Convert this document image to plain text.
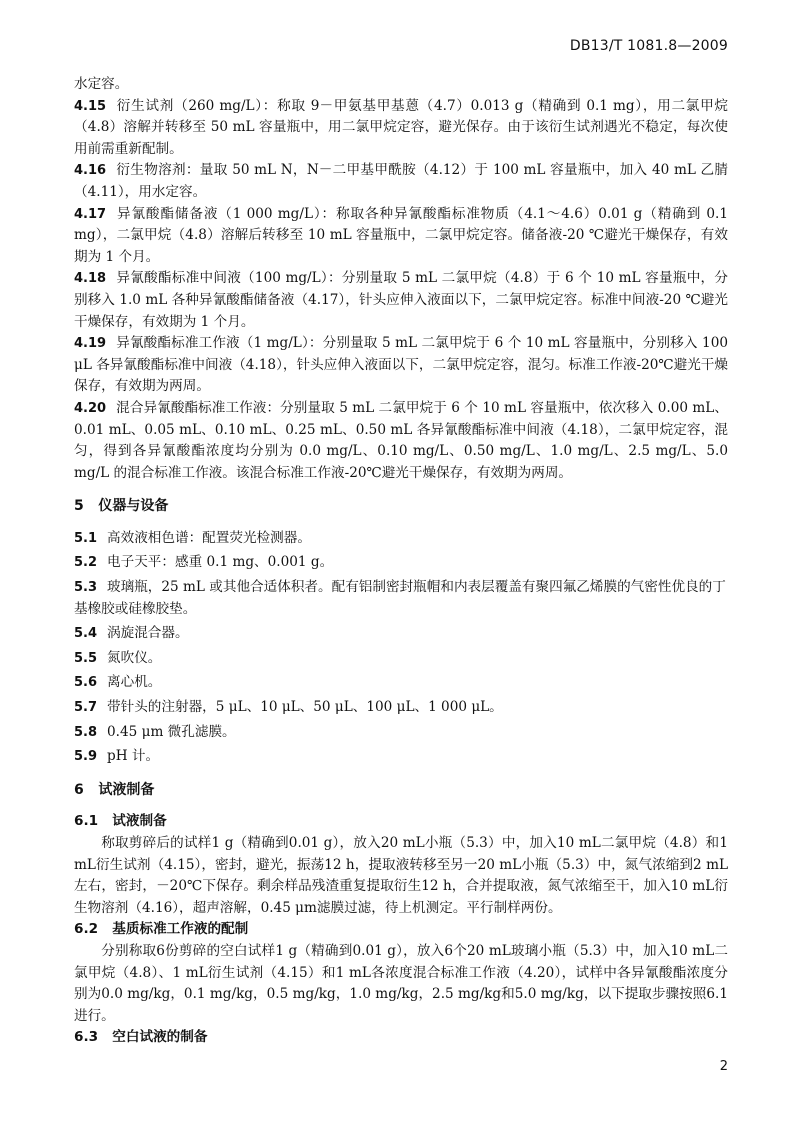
DB13/T 1081.8—2009

水定容。

4.15 衍生试剂（260 mg/L）：称取 9－甲氨基甲基蒽（4.7）0.013 g（精确到 0.1 mg），用二氯甲烷（4.8）溶解并转移至 50 mL 容量瓶中，用二氯甲烷定容，避光保存。由于该衍生试剂遇光不稳定，每次使用前需重新配制。
4.16 衍生物溶剂：量取 50 mL N，N－二甲基甲酰胺（4.12）于 100 mL 容量瓶中，加入 40 mL 乙腈（4.11），用水定容。
4.17 异氰酸酯储备液（1 000 mg/L）：称取各种异氰酸酯标准物质（4.1～4.6）0.01 g（精确到 0.1 mg），二氯甲烷（4.8）溶解后转移至 10 mL 容量瓶中，二氯甲烷定容。储备液-20 ℃避光干燥保存，有效期为 1 个月。
4.18 异氰酸酯标准中间液（100 mg/L）：分别量取 5 mL 二氯甲烷（4.8）于 6 个 10 mL 容量瓶中，分别移入 1.0 mL 各种异氰酸酯储备液（4.17），针头应伸入液面以下，二氯甲烷定容。标准中间液-20 ℃避光干燥保存，有效期为 1 个月。
4.19 异氰酸酯标准工作液（1 mg/L）：分别量取 5 mL 二氯甲烷于 6 个 10 mL 容量瓶中，分别移入 100 μL 各异氰酸酯标准中间液（4.18），针头应伸入液面以下，二氯甲烷定容，混匀。标准工作液-20℃避光干燥保存，有效期为两周。
4.20 混合异氰酸酯标准工作液：分别量取 5 mL 二氯甲烷于 6 个 10 mL 容量瓶中，依次移入 0.00 mL、0.01 mL、0.05 mL、0.10 mL、0.25 mL、0.50 mL 各异氰酸酯标准中间液（4.18），二氯甲烷定容，混匀，得到各异氰酸酯浓度均分别为 0.0 mg/L、0.10 mg/L、0.50 mg/L、1.0 mg/L、2.5 mg/L、5.0 mg/L 的混合标准工作液。该混合标准工作液-20℃避光干燥保存，有效期为两周。
5 仪器与设备
5.1 高效液相色谱：配置荧光检测器。
5.2 电子天平：感重 0.1 mg、0.001 g。
5.3 玻璃瓶，25 mL 或其他合适体积者。配有铝制密封瓶帽和内表层覆盖有聚四氟乙烯膜的气密性优良的丁基橡胶或硅橡胶垫。
5.4 涡旋混合器。
5.5 氮吹仪。
5.6 离心机。
5.7 带针头的注射器，5 μL、10 μL、50 μL、100 μL、1 000 μL。
5.8 0.45 μm 微孔滤膜。
5.9 pH 计。
6 试液制备
6.1 试液制备

称取剪碎后的试样1 g（精确到0.01 g），放入20 mL小瓶（5.3）中，加入10 mL二氯甲烷（4.8）和1 mL衍生试剂（4.15），密封，避光，振荡12 h，提取液转移至另一20 mL小瓶（5.3）中，氮气浓缩到2 mL左右，密封，－20℃下保存。剩余样品残渣重复提取衍生12 h，合并提取液，氮气浓缩至干，加入10 mL衍生物溶剂（4.16），超声溶解，0.45 μm滤膜过滤，待上机测定。平行制样两份。

6.2 基质标准工作液的配制

分别称取6份剪碎的空白试样1 g（精确到0.01 g），放入6个20 mL玻璃小瓶（5.3）中，加入10 mL二氯甲烷（4.8）、1 mL衍生试剂（4.15）和1 mL各浓度混合标准工作液（4.20），试样中各异氰酸酯浓度分别为0.0 mg/kg，0.1 mg/kg，0.5 mg/kg，1.0 mg/kg，2.5 mg/kg和5.0 mg/kg，以下提取步骤按照6.1进行。

6.3 空白试液的制备
2
